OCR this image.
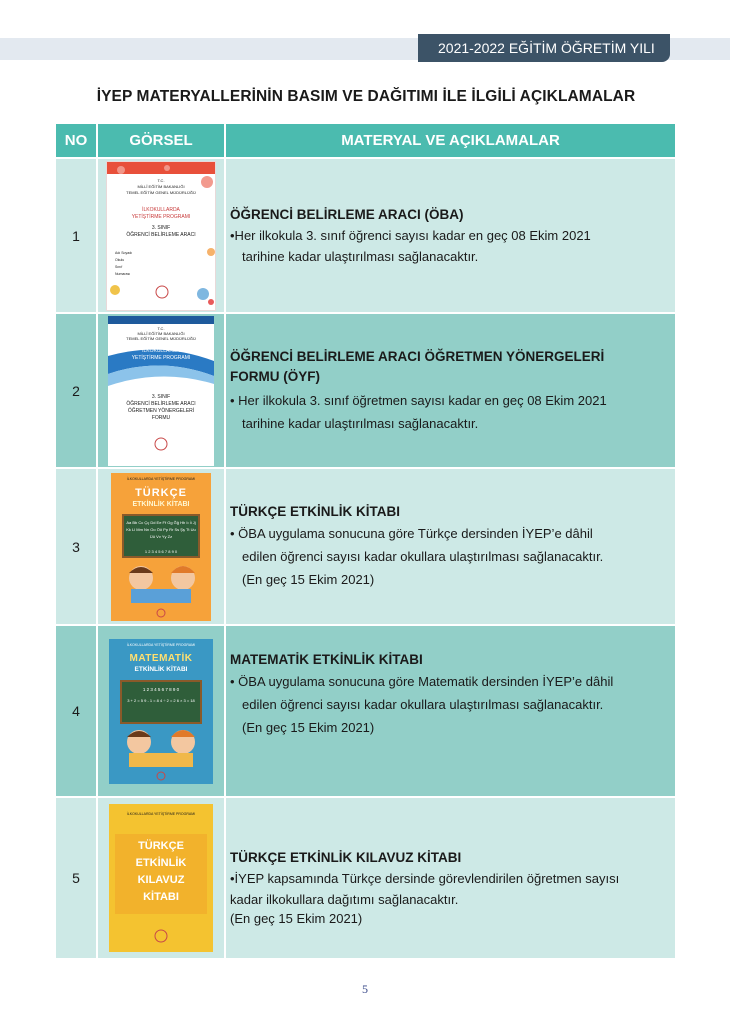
2021-2022 EĞİTİM ÖĞRETİM YILI
İYEP MATERYALLERİNİN BASIM VE DAĞITIMI İLE İLGİLİ AÇIKLAMALAR
NO	GÖRSEL	MATERYAL VE AÇIKLAMALAR
1
T.C.
MİLLÎ EĞİTİM BAKANLIĞI
TEMEL EĞİTİM GENEL MÜDÜRLÜĞÜ
İLKOKULLARDA
YETİŞTİRME PROGRAMI
3. SINIF
ÖĞRENCİ BELİRLEME ARACI
Adı Soyadı
Okulu
Sınıf
Numarası
ÖĞRENCİ BELİRLEME ARACI (ÖBA)
•Her ilkokula 3. sınıf öğrenci sayısı kadar en geç 08 Ekim 2021
tarihine kadar ulaştırılması sağlanacaktır.
2
T.C.
MİLLÎ EĞİTİM BAKANLIĞI
TEMEL EĞİTİM GENEL MÜDÜRLÜĞÜ
İLKOKULLARDA
YETİŞTİRME PROGRAMI
3. SINIF
ÖĞRENCİ BELİRLEME ARACI
ÖĞRETMEN YÖNERGELERİ
FORMU
ÖĞRENCİ BELİRLEME ARACI ÖĞRETMEN YÖNERGELERİ
FORMU (ÖYF)
• Her ilkokula 3. sınıf öğretmen sayısı kadar en geç 08 Ekim 2021
tarihine kadar ulaştırılması sağlanacaktır.
3
İLKOKULLARDA YETİŞTİRME PROGRAMI
TÜRKÇE
ETKİNLİK KİTABI
Aa Bb Cc Çç Dd Ee Ff Gg Ğğ Hh Iı İi Jj Kk Ll Mm Nn Oo Öö Pp Rr Ss Şş Tt Uu Üü Vv Yy Zz
1 2 3 4 5 6 7 8 9 0
TÜRKÇE ETKİNLİK KİTABI
• ÖBA uygulama sonucuna göre Türkçe dersinden İYEP’e dâhil
edilen öğrenci sayısı kadar okullara ulaştırılması sağlanacaktır.
(En geç 15 Ekim 2021)
4
İLKOKULLARDA YETİŞTİRME PROGRAMI
MATEMATİK
ETKİNLİK KİTABI
1 2 3 4 5 6 7 8 9 0
3 + 2 = 5 9 - 1 = 8 4 ÷ 2 = 2 6 × 3 = 18
MATEMATİK ETKİNLİK KİTABI
• ÖBA uygulama sonucuna göre Matematik dersinden İYEP’e dâhil
edilen öğrenci sayısı kadar okullara ulaştırılması sağlanacaktır.
(En geç 15 Ekim 2021)
5
İLKOKULLARDA YETİŞTİRME PROGRAMI
TÜRKÇE
ETKİNLİK
KILAVUZ
KİTABI
TÜRKÇE ETKİNLİK KILAVUZ KİTABI
•İYEP kapsamında Türkçe dersinde görevlendirilen öğretmen sayısı
kadar ilkokullara dağıtımı sağlanacaktır.
(En geç 15 Ekim 2021)
5
